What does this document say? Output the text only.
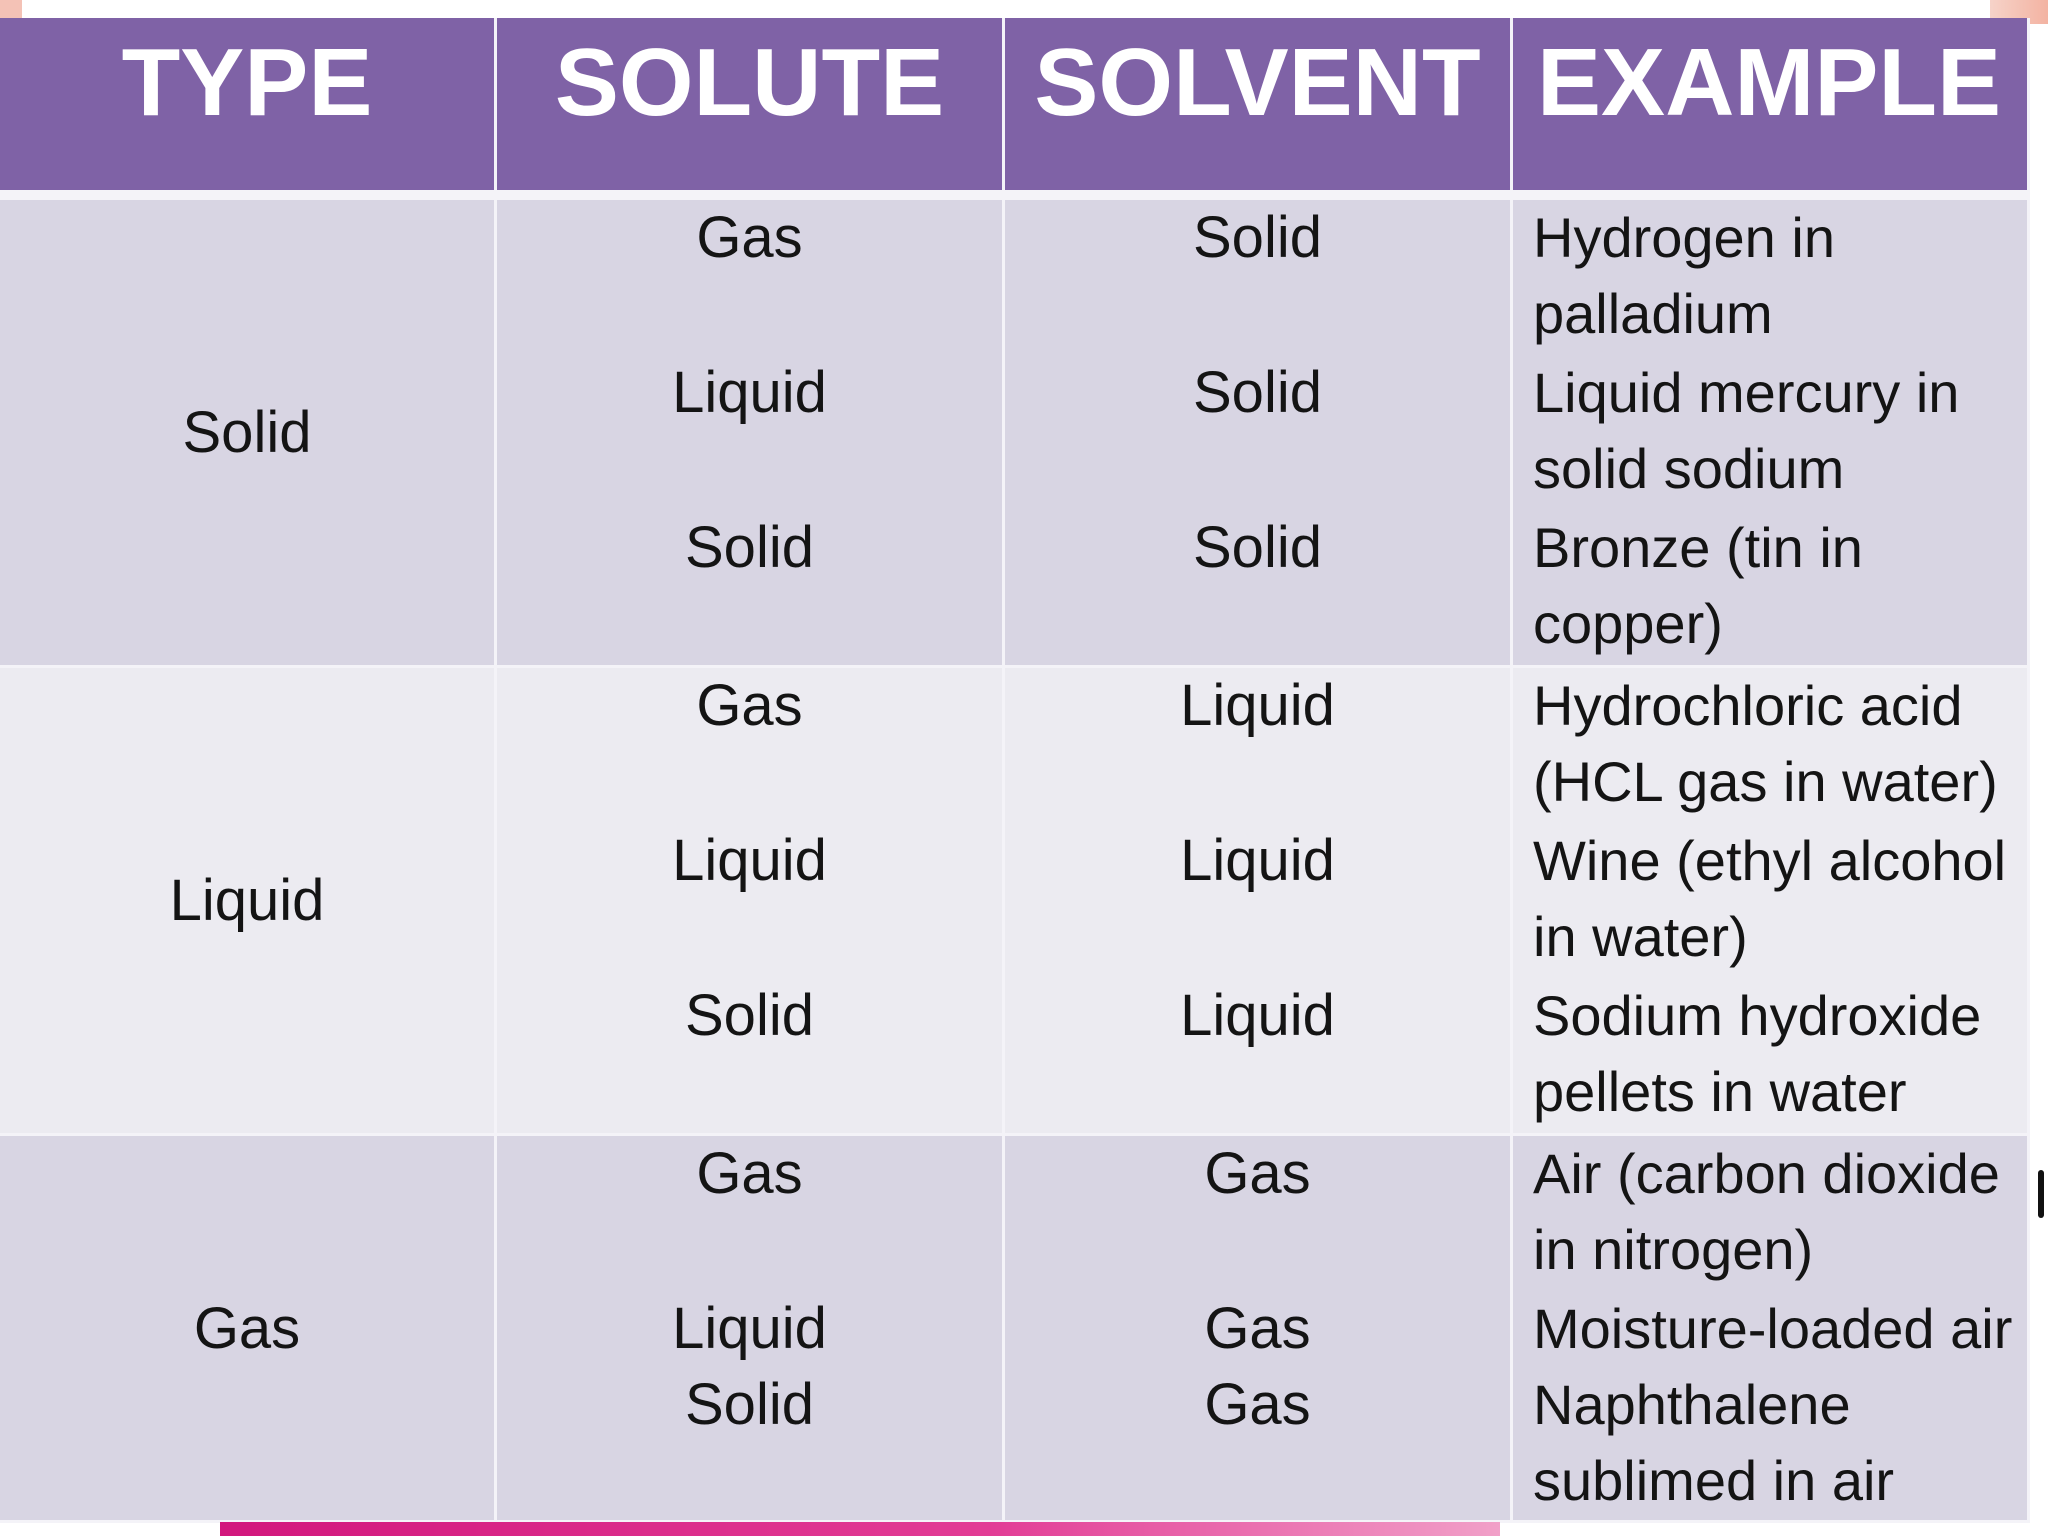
TYPE	SOLUTE SOLVENT EXAMPLE
Solid
Gas
Liquid
Solid
Solid
Solid
Solid
Hydrogen in
palladium
Liquid mercury in
solid sodium
Bronze (tin in
copper)
Liquid
Gas
Liquid
Solid
Liquid
Liquid
Liquid
Hydrochloric acid
(HCL gas in water)
Wine (ethyl alcohol
in water)
Sodium hydroxide
pellets in water
Gas
Gas
Liquid
Solid
Gas
Gas
Gas
Air (carbon dioxide
in nitrogen)
Moisture-loaded air
Naphthalene
sublimed in air
